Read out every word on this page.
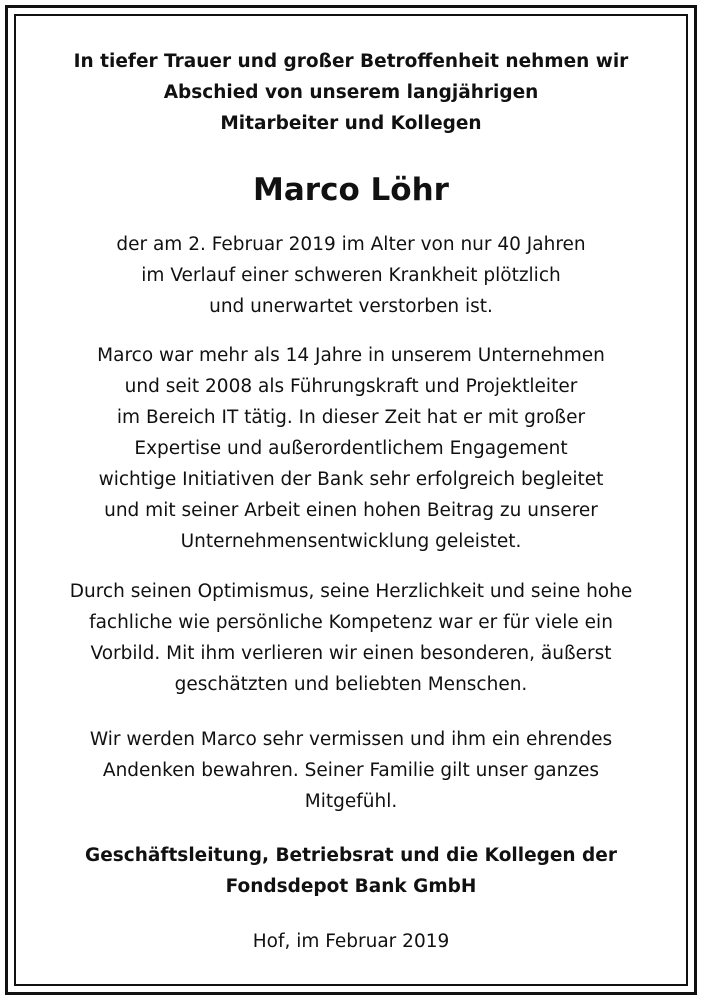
In tiefer Trauer und großer Betroffenheit nehmen wir
Abschied von unserem langjährigen
Mitarbeiter und Kollegen
Marco Löhr
der am 2. Februar 2019 im Alter von nur 40 Jahren
im Verlauf einer schweren Krankheit plötzlich
und unerwartet verstorben ist.
Marco war mehr als 14 Jahre in unserem Unternehmen
und seit 2008 als Führungskraft und Projektleiter
im Bereich IT tätig. In dieser Zeit hat er mit großer
Expertise und außerordentlichem Engagement
wichtige Initiativen der Bank sehr erfolgreich begleitet
und mit seiner Arbeit einen hohen Beitrag zu unserer
Unternehmensentwicklung geleistet.
Durch seinen Optimismus, seine Herzlichkeit und seine hohe
fachliche wie persönliche Kompetenz war er für viele ein
Vorbild. Mit ihm verlieren wir einen besonderen, äußerst
geschätzten und beliebten Menschen.
Wir werden Marco sehr vermissen und ihm ein ehrendes
Andenken bewahren. Seiner Familie gilt unser ganzes
Mitgefühl.
Geschäftsleitung, Betriebsrat und die Kollegen der
Fondsdepot Bank GmbH
Hof, im Februar 2019
